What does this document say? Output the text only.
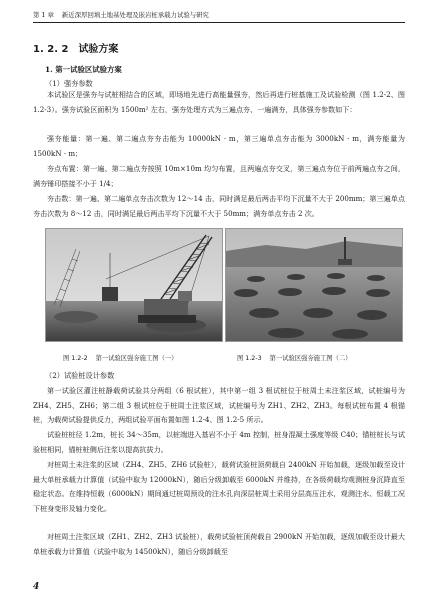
第 1 章 新近深厚回填土地基处理及嵌岩桩承载力试验与研究
1. 2. 2 试验方案
1. 第一试验区试验方案
（1）强夯参数

本试验区是强夯与试桩相结合的区域，即场地先进行高能量强夯，然后再进行桩基施工及试验检测（图 1.2-2、图 1.2-3）。强夯试验区面积为 1500m² 左右，强夯处理方式为三遍点夯、一遍满夯，具体强夯参数如下：

强夯能量：第一遍、第二遍点夯夯击能为 10000kN · m，第三遍单点夯击能为 3000kN · m，满夯能量为 1500kN · m；

夯点布置：第一遍、第二遍点夯按照 10m×10m 均匀布置，且两遍点夯交叉，第三遍点夯位于前两遍点夯之间，满夯锤印搭接不小于 1/4；

夯击数：第一遍、第二遍单点夯击次数为 12～14 击，同时满足最后两击平均下沉量不大于 200mm；第三遍单点夯击次数为 8～12 击，同时满足最后两击平均下沉量不大于 50mm；满夯单点夯击 2 次。

图 1.2-2 第一试验区强夯施工图（一）	图 1.2-3 第一试验区强夯施工图（二）
（2）试验桩设计参数

第一试验区灌注桩静载荷试验共分两组（6 根试桩），其中第一组 3 根试桩位于桩周土未注浆区域，试桩编号为 ZH4、ZH5、ZH6；第二组 3 根试桩位于桩周土注浆区域，试桩编号为 ZH1、ZH2、ZH3。每根试桩布置 4 根锚桩，为载荷试验提供反力，两组试验平面布置如图 1.2-4、图 1.2-5 所示。

试验桩桩径 1.2m，桩长 34～35m，以桩端进入基岩不小于 4m 控制，桩身混凝土强度等级 C40；锚桩桩长与试验桩相同，锚桩桩侧后注浆以提高抗拔力。

对桩周土未注浆的区域（ZH4、ZH5、ZH6 试验桩），载荷试验桩顶荷载自 2400kN 开始加载，逐级加载至设计最大单桩承载力计算值（试验中取为 12000kN），随后分级卸载至 6000kN 并维持，在各级荷载均观测桩身沉降直至稳定状态。在维持恒载（6000kN）期间通过桩周预设的注水孔向深层桩周土采用分层高压注水，观测注水、恒载工况下桩身变形及轴力变化。

对桩周土注浆区域（ZH1、ZH2、ZH3 试验桩），载荷试验桩顶荷载自 2900kN 开始加载，逐级加载至设计最大单桩承载力计算值（试验中取为 14500kN），随后分级卸载至

4
